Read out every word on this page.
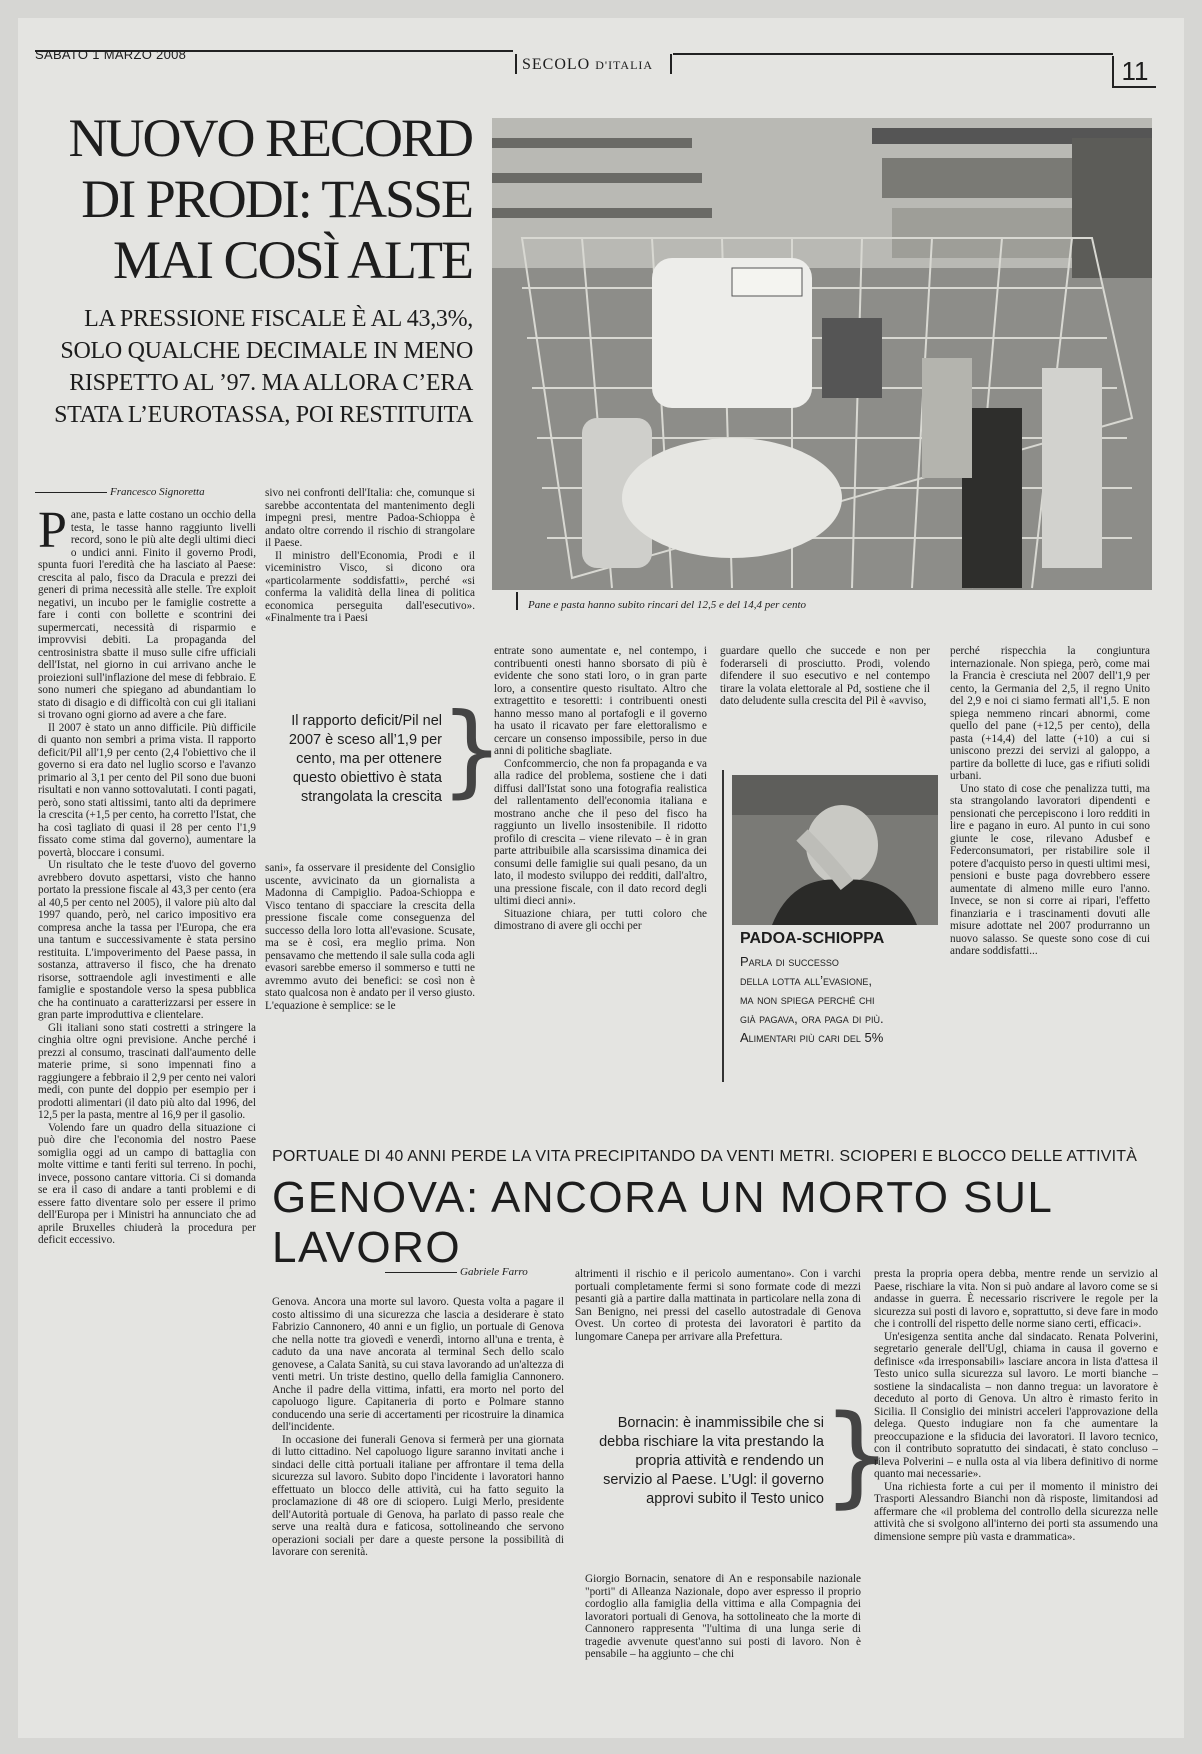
SABATO 1 MARZO 2008
SECOLO D'ITALIA	11
NUOVO RECORD
DI PRODI: TASSE
MAI COSÌ ALTE
LA PRESSIONE FISCALE È AL 43,3%,
SOLO QUALCHE DECIMALE IN MENO
RISPETTO AL ’97. MA ALLORA C’ERA
STATA L’EUROTASSA, POI RESTITUITA
Pane e pasta hanno subito rincari del 12,5 e del 14,4 per cento
Francesco Signoretta
P ane, pasta e latte costano un occhio della testa, le tasse hanno raggiunto livelli record, sono le più alte degli ultimi dieci o undici anni. Finito il governo Prodi, spunta fuori l'eredità che ha lasciato al Paese: crescita al palo, fisco da Dracula e prezzi dei generi di prima necessità alle stelle. Tre exploit negativi, un incubo per le famiglie costrette a fare i conti con bollette e scontrini dei supermercati, necessità di risparmio e improvvisi debiti. La propaganda del centrosinistra sbatte il muso sulle cifre ufficiali dell'Istat, nel giorno in cui arrivano anche le proiezioni sull'inflazione del mese di febbraio. E sono numeri che spiegano ad abundantiam lo stato di disagio e di difficoltà con cui gli italiani si trovano ogni giorno ad avere a che fare.

Il 2007 è stato un anno difficile. Più difficile di quanto non sembri a prima vista. Il rapporto deficit/Pil all'1,9 per cento (2,4 l'obiettivo che il governo si era dato nel luglio scorso e l'avanzo primario al 3,1 per cento del Pil sono due buoni risultati e non vanno sottovalutati. I conti pagati, però, sono stati altissimi, tanto alti da deprimere la crescita (+1,5 per cento, ha corretto l'Istat, che ha così tagliato di quasi il 28 per cento l'1,9 fissato come stima dal governo), aumentare la povertà, bloccare i consumi.

Un risultato che le teste d'uovo del governo avrebbero dovuto aspettarsi, visto che hanno portato la pressione fiscale al 43,3 per cento (era al 40,5 per cento nel 2005), il valore più alto dal 1997 quando, però, nel carico impositivo era compresa anche la tassa per l'Europa, che era una tantum e successivamente è stata persino restituita. L'impoverimento del Paese passa, in sostanza, attraverso il fisco, che ha drenato risorse, sottraendole agli investimenti e alle famiglie e spostandole verso la spesa pubblica che ha continuato a caratterizzarsi per essere in gran parte improduttiva e clientelare.

Gli italiani sono stati costretti a stringere la cinghia oltre ogni previsione. Anche perché i prezzi al consumo, trascinati dall'aumento delle materie prime, si sono impennati fino a raggiungere a febbraio il 2,9 per cento nei valori medi, con punte del doppio per esempio per i prodotti alimentari (il dato più alto dal 1996, del 12,5 per la pasta, mentre al 16,9 per il gasolio.

Volendo fare un quadro della situazione ci può dire che l'economia del nostro Paese somiglia oggi ad un campo di battaglia con molte vittime e tanti feriti sul terreno. In pochi, invece, possono cantare vittoria. Ci si domanda se era il caso di andare a tanti problemi e di essere fatto diventare solo per essere il primo dell'Europa per i Ministri ha annunciato che ad aprile Bruxelles chiuderà la procedura per deficit eccessivo.

sivo nei confronti dell'Italia: che, comunque si sarebbe accontentata del mantenimento degli impegni presi, mentre Padoa-Schioppa è andato oltre correndo il rischio di strangolare il Paese.

Il ministro dell'Economia, Prodi e il viceministro Visco, si dicono ora «particolarmente soddisfatti», perché «si conferma la validità della linea di politica economica perseguita dall'esecutivo». «Finalmente tra i Paesi

Il rapporto deficit/Pil nel 2007 è sceso all’1,9 per cento, ma per ottenere questo obiettivo è stata strangolata la crescita
}

sani», fa osservare il presidente del Consiglio uscente, avvicinato da un giornalista a Madonna di Campiglio. Padoa-Schioppa e Visco tentano di spacciare la crescita della pressione fiscale come conseguenza del successo della loro lotta all'evasione. Scusate, ma se è così, era meglio prima. Non pensavamo che mettendo il sale sulla coda agli evasori sarebbe emerso il sommerso e tutti ne avremmo avuto dei benefici: se così non è stato qualcosa non è andato per il verso giusto. L'equazione è semplice: se le

entrate sono aumentate e, nel contempo, i contribuenti onesti hanno sborsato di più è evidente che sono stati loro, o in gran parte loro, a consentire questo risultato. Altro che extragettito e tesoretti: i contribuenti onesti hanno messo mano al portafogli e il governo ha usato il ricavato per fare elettoralismo e cercare un consenso impossibile, perso in due anni di politiche sbagliate.

Confcommercio, che non fa propaganda e va alla radice del problema, sostiene che i dati diffusi dall'Istat sono una fotografia realistica del rallentamento dell'economia italiana e mostrano anche che il peso del fisco ha raggiunto un livello insostenibile. Il ridotto profilo di crescita – viene rilevato – è in gran parte attribuibile alla scarsissima dinamica dei consumi delle famiglie sui quali pesano, da un lato, il modesto sviluppo dei redditi, dall'altro, una pressione fiscale, con il dato record degli ultimi dieci anni».

Situazione chiara, per tutti coloro che dimostrano di avere gli occhi per

guardare quello che succede e non per foderarseli di prosciutto. Prodi, volendo difendere il suo esecutivo e nel contempo tirare la volata elettorale al Pd, sostiene che il dato deludente sulla crescita del Pil è «avviso,

PADOA-SCHIOPPA
Parla di successo
della lotta all’evasione,
ma non spiega perché chi
già pagava, ora paga di più.
Alimentari più cari del 5%

perché rispecchia la congiuntura internazionale. Non spiega, però, come mai la Francia è cresciuta nel 2007 dell'1,9 per cento, la Germania del 2,5, il regno Unito del 2,9 e noi ci siamo fermati all'1,5. E non spiega nemmeno rincari abnormi, come quello del pane (+12,5 per cento), della pasta (+14,4) del latte (+10) a cui si uniscono prezzi dei servizi al galoppo, a partire da bollette di luce, gas e rifiuti solidi urbani.

Uno stato di cose che penalizza tutti, ma sta strangolando lavoratori dipendenti e pensionati che percepiscono i loro redditi in lire e pagano in euro. Al punto in cui sono giunte le cose, rilevano Adusbef e Federconsumatori, per ristabilire sole il potere d'acquisto perso in questi ultimi mesi, pensioni e buste paga dovrebbero essere aumentate di almeno mille euro l'anno. Invece, se non si corre ai ripari, l'effetto finanziaria e i trascinamenti dovuti alle misure adottate nel 2007 produrranno un nuovo salasso. Se queste sono cose di cui andare soddisfatti...

PORTUALE DI 40 ANNI PERDE LA VITA PRECIPITANDO DA VENTI METRI. SCIOPERI E BLOCCO DELLE ATTIVITÀ
GENOVA: ANCORA UN MORTO SUL LAVORO
Gabriele Farro

Genova. Ancora una morte sul lavoro. Questa volta a pagare il costo altissimo di una sicurezza che lascia a desiderare è stato Fabrizio Cannonero, 40 anni e un figlio, un portuale di Genova che nella notte tra giovedì e venerdì, intorno all'una e trenta, è caduto da una nave ancorata al terminal Sech dello scalo genovese, a Calata Sanità, su cui stava lavorando ad un'altezza di venti metri. Un triste destino, quello della famiglia Cannonero. Anche il padre della vittima, infatti, era morto nel porto del capoluogo ligure. Capitaneria di porto e Polmare stanno conducendo una serie di accertamenti per ricostruire la dinamica dell'incidente.

In occasione dei funerali Genova si fermerà per una giornata di lutto cittadino. Nel capoluogo ligure saranno invitati anche i sindaci delle città portuali italiane per affrontare il tema della sicurezza sul lavoro. Subito dopo l'incidente i lavoratori hanno effettuato un blocco delle attività, cui ha fatto seguito la proclamazione di 48 ore di sciopero. Luigi Merlo, presidente dell'Autorità portuale di Genova, ha parlato di passo reale che serve una realtà dura e faticosa, sottolineando che servono operazioni sociali per dare a queste persone la possibilità di lavorare con serenità.

altrimenti il rischio e il pericolo aumentano». Con i varchi portuali completamente fermi si sono formate code di mezzi pesanti già a partire dalla mattinata in particolare nella zona di San Benigno, nei pressi del casello autostradale di Genova Ovest. Un corteo di protesta dei lavoratori è partito da lungomare Canepa per arrivare alla Prefettura.

Bornacin: è inammissibile che si debba rischiare la vita prestando la propria attività e rendendo un servizio al Paese. L’Ugl: il governo approvi subito il Testo unico
}

Giorgio Bornacin, senatore di An e responsabile nazionale "porti" di Alleanza Nazionale, dopo aver espresso il proprio cordoglio alla famiglia della vittima e alla Compagnia dei lavoratori portuali di Genova, ha sottolineato che la morte di Cannonero rappresenta "l'ultima di una lunga serie di tragedie avvenute quest'anno sui posti di lavoro. Non è pensabile – ha aggiunto – che chi

presta la propria opera debba, mentre rende un servizio al Paese, rischiare la vita. Non si può andare al lavoro come se si andasse in guerra. È necessario riscrivere le regole per la sicurezza sui posti di lavoro e, soprattutto, si deve fare in modo che i controlli del rispetto delle norme siano certi, efficaci».

Un'esigenza sentita anche dal sindacato. Renata Polverini, segretario generale dell'Ugl, chiama in causa il governo e definisce «da irresponsabili» lasciare ancora in lista d'attesa il Testo unico sulla sicurezza sul lavoro. Le morti bianche – sostiene la sindacalista – non danno tregua: un lavoratore è deceduto al porto di Genova. Un altro è rimasto ferito in Sicilia. Il Consiglio dei ministri acceleri l'approvazione della delega. Questo indugiare non fa che aumentare la preoccupazione e la sfiducia dei lavoratori. Il lavoro tecnico, con il contributo sopratutto dei sindacati, è stato concluso – rileva Polverini – e nulla osta al via libera definitivo di norme quanto mai necessarie».

Una richiesta forte a cui per il momento il ministro dei Trasporti Alessandro Bianchi non dà risposte, limitandosi ad affermare che «il problema del controllo della sicurezza nelle attività che si svolgono all'interno dei porti sta assumendo una dimensione sempre più vasta e drammatica».
